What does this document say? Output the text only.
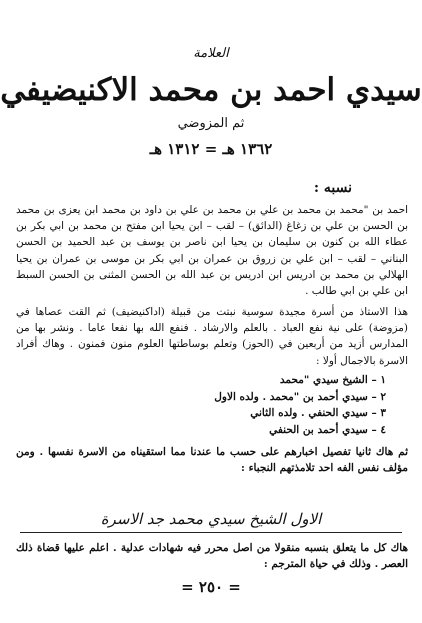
العلامة
سيدي احمد بن محمد الاكنيضيفي
ثم المزوضي
١٣٦٢ هـ = ١٣١٢ هـ
نسبه :
احمد بن "محمد بن محمد بن علي بن محمد بن علي بن داود بن محمد ابن يعزى بن محمد بن الحسن بن علي بن زغاغ (الدائق) – لقب – ابن يحيا ابن مفتح بن محمد بن ابي بكر بن عطاء الله بن كنون بن سليمان بن يحيا ابن ناصر بن يوسف بن عبد الحميد بن الحسن البناني – لقب – ابن علي بن زروق بن عمران بن ابي بكر بن موسى بن عمران بن يحيا الهلالي بن محمد بن ادريس ابن ادريس بن عبد الله بن الحسن المثنى بن الحسن السبط ابن علي بن ابي طالب .
هذا الاستاذ من أسرة مجيدة سوسية نبتت من قبيلة (اداكنيضيف) ثم القت عصاها في (مزوضة) على نية نفع العباد . بالعلم والارشاد . فنفع الله بها نفعا عاما . ونشر بها من المدارس أزيد من أربعين في (الحوز) وتعلم بوساطتها العلوم منون فمنون . وهاك أفراد الاسرة بالاجمال أولا :
١ – الشيخ سيدي "محمد
٢ – سيدي أحمد بن "محمد . ولده الاول
٣ – سيدي الحنفي . ولده الثاني
٤ – سيدي أحمد بن الحنفي
ثم هاك ثانيا تفصيل اخبارهم على حسب ما عندنا مما استقيناه من الاسرة نفسها . ومن مؤلف نفس الفه احد تلامذتهم النجباء :
الاول الشيخ سيدي محمد جد الاسرة
هاك كل ما يتعلق بنسبه منقولا من اصل محرر فيه شهادات عدلية . اعلم عليها قضاة ذلك العصر . وذلك في حياة المترجم :
= ٢٥٠ =
